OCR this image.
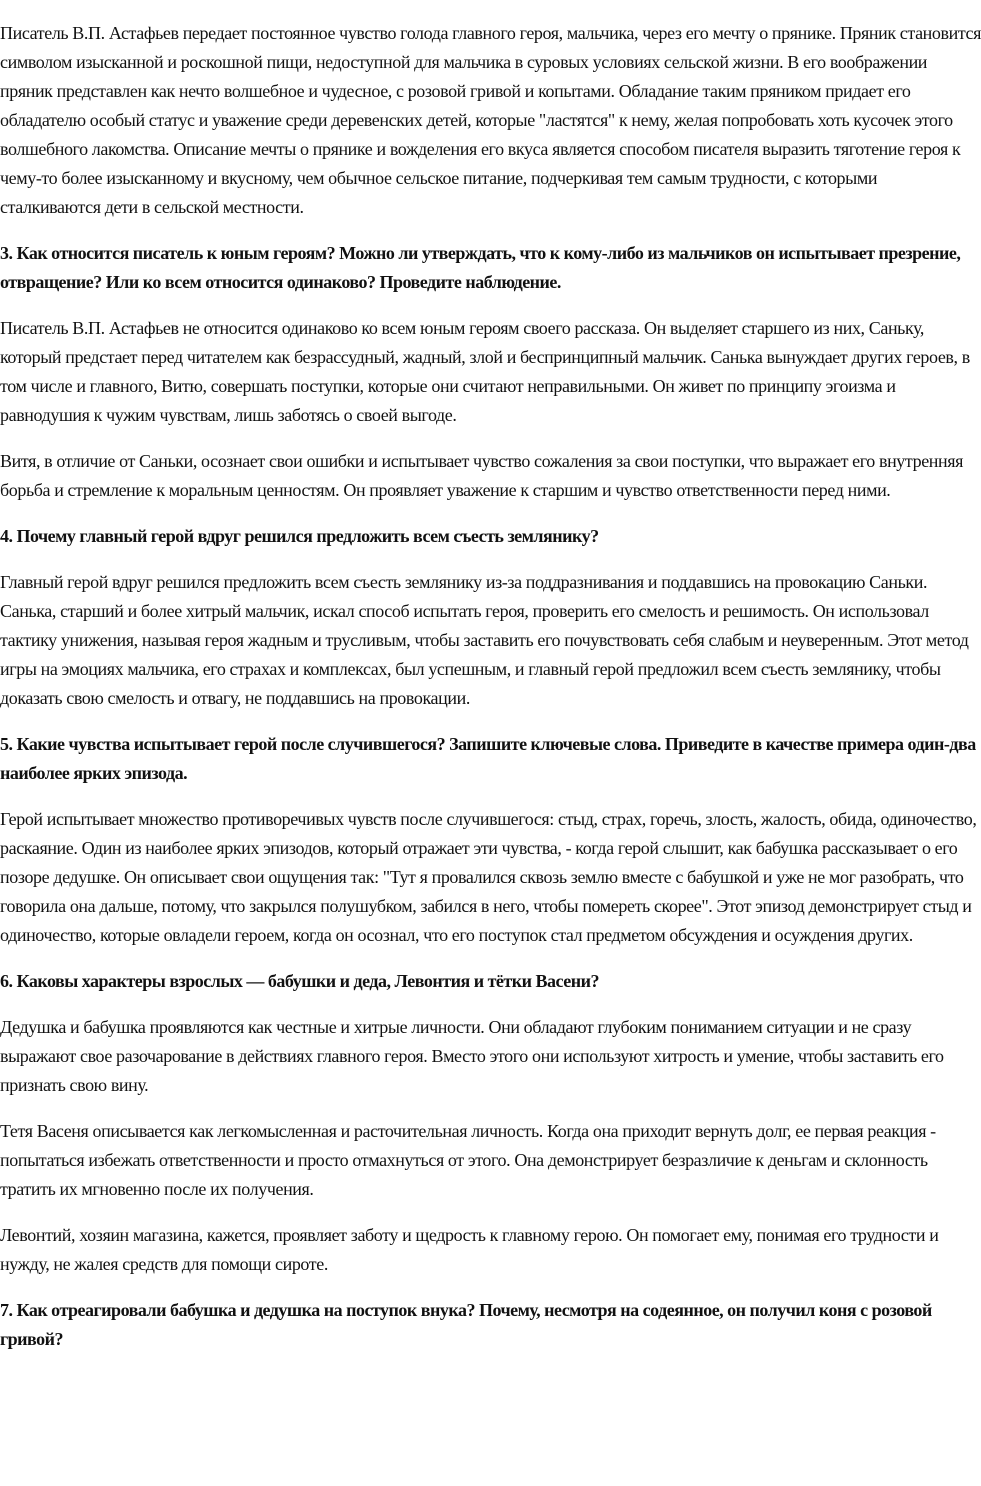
Писатель В.П. Астафьев передает постоянное чувство голода главного героя, мальчика, через его мечту о прянике. Пряник становится символом изысканной и роскошной пищи, недоступной для мальчика в суровых условиях сельской жизни. В его воображении пряник представлен как нечто волшебное и чудесное, с розовой гривой и копытами. Обладание таким пряником придает его обладателю особый статус и уважение среди деревенских детей, которые "ластятся" к нему, желая попробовать хоть кусочек этого волшебного лакомства. Описание мечты о прянике и вожделения его вкуса является способом писателя выразить тяготение героя к чему-то более изысканному и вкусному, чем обычное сельское питание, подчеркивая тем самым трудности, с которыми сталкиваются дети в сельской местности.
3. Как относится писатель к юным героям? Можно ли утверждать, что к кому-либо из мальчиков он испытывает презрение, отвращение? Или ко всем относится одинаково? Проведите наблюдение.
Писатель В.П. Астафьев не относится одинаково ко всем юным героям своего рассказа. Он выделяет старшего из них, Саньку, который предстает перед читателем как безрассудный, жадный, злой и беспринципный мальчик. Санька вынуждает других героев, в том числе и главного, Витю, совершать поступки, которые они считают неправильными. Он живет по принципу эгоизма и равнодушия к чужим чувствам, лишь заботясь о своей выгоде.
Витя, в отличие от Саньки, осознает свои ошибки и испытывает чувство сожаления за свои поступки, что выражает его внутренняя борьба и стремление к моральным ценностям. Он проявляет уважение к старшим и чувство ответственности перед ними.
4. Почему главный герой вдруг решился предложить всем съесть землянику?
Главный герой вдруг решился предложить всем съесть землянику из-за поддразнивания и поддавшись на провокацию Саньки. Санька, старший и более хитрый мальчик, искал способ испытать героя, проверить его смелость и решимость. Он использовал тактику унижения, называя героя жадным и трусливым, чтобы заставить его почувствовать себя слабым и неуверенным. Этот метод игры на эмоциях мальчика, его страхах и комплексах, был успешным, и главный герой предложил всем съесть землянику, чтобы доказать свою смелость и отвагу, не поддавшись на провокации.
5. Какие чувства испытывает герой после случившегося? Запишите ключевые слова. Приведите в качестве примера один-два наиболее ярких эпизода.
Герой испытывает множество противоречивых чувств после случившегося: стыд, страх, горечь, злость, жалость, обида, одиночество, раскаяние. Один из наиболее ярких эпизодов, который отражает эти чувства, - когда герой слышит, как бабушка рассказывает о его позоре дедушке. Он описывает свои ощущения так: "Тут я провалился сквозь землю вместе с бабушкой и уже не мог разобрать, что говорила она дальше, потому, что закрылся полушубком, забился в него, чтобы помереть скорее". Этот эпизод демонстрирует стыд и одиночество, которые овладели героем, когда он осознал, что его поступок стал предметом обсуждения и осуждения других.
6. Каковы характеры взрослых — бабушки и деда, Левонтия и тётки Васени?
Дедушка и бабушка проявляются как честные и хитрые личности. Они обладают глубоким пониманием ситуации и не сразу выражают свое разочарование в действиях главного героя. Вместо этого они используют хитрость и умение, чтобы заставить его признать свою вину.
Тетя Васеня описывается как легкомысленная и расточительная личность. Когда она приходит вернуть долг, ее первая реакция - попытаться избежать ответственности и просто отмахнуться от этого. Она демонстрирует безразличие к деньгам и склонность тратить их мгновенно после их получения.
Левонтий, хозяин магазина, кажется, проявляет заботу и щедрость к главному герою. Он помогает ему, понимая его трудности и нужду, не жалея средств для помощи сироте.
7. Как отреагировали бабушка и дедушка на поступок внука? Почему, несмотря на содеянное, он получил коня с розовой гривой?
